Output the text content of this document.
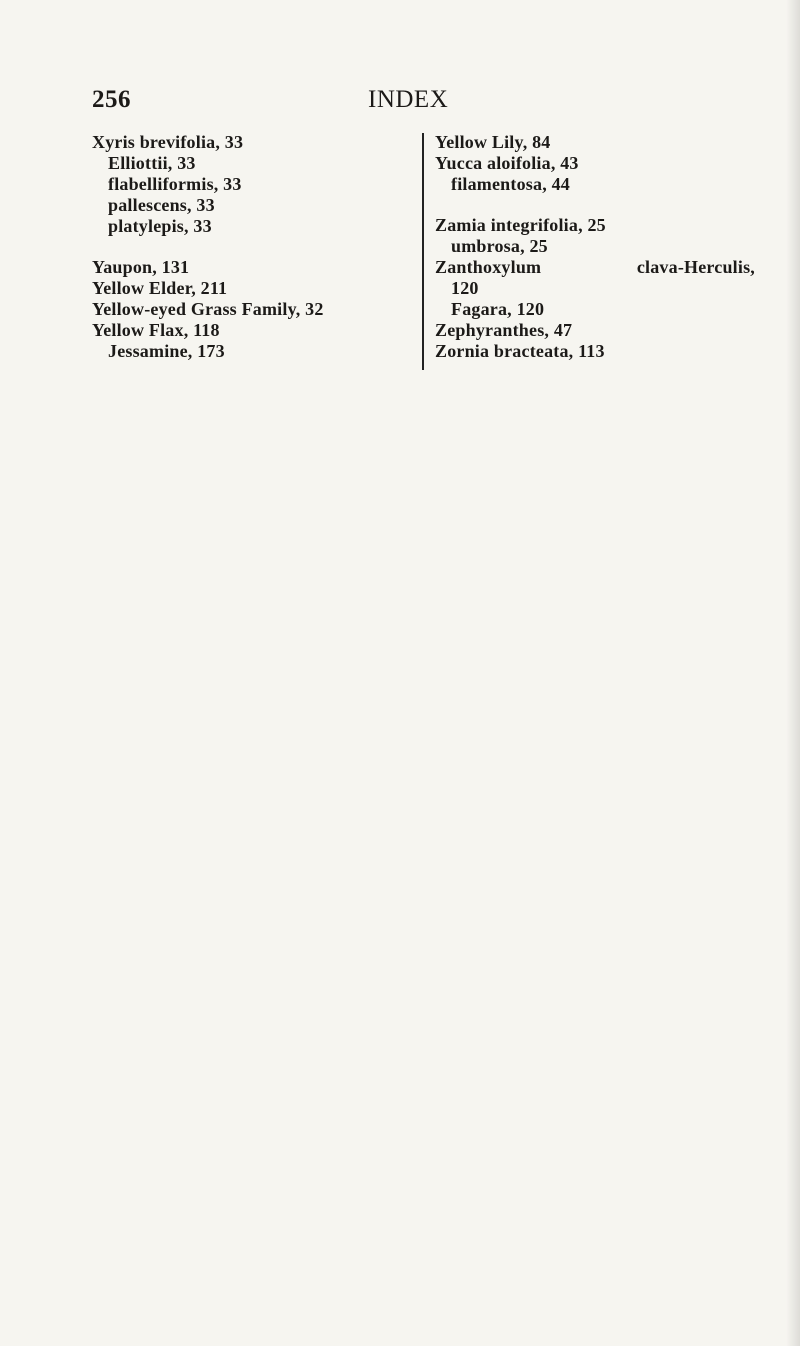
256	INDEX
Xyris brevifolia, 33
Elliottii, 33
flabelliformis, 33
pallescens, 33
platylepis, 33
Yaupon, 131
Yellow Elder, 211
Yellow-eyed Grass Family, 32
Yellow Flax, 118
Jessamine, 173
Yellow Lily, 84
Yucca aloifolia, 43
filamentosa, 44
Zamia integrifolia, 25
umbrosa, 25
Zanthoxylum	clava-Herculis,
120
Fagara, 120
Zephyranthes, 47
Zornia bracteata, 113
